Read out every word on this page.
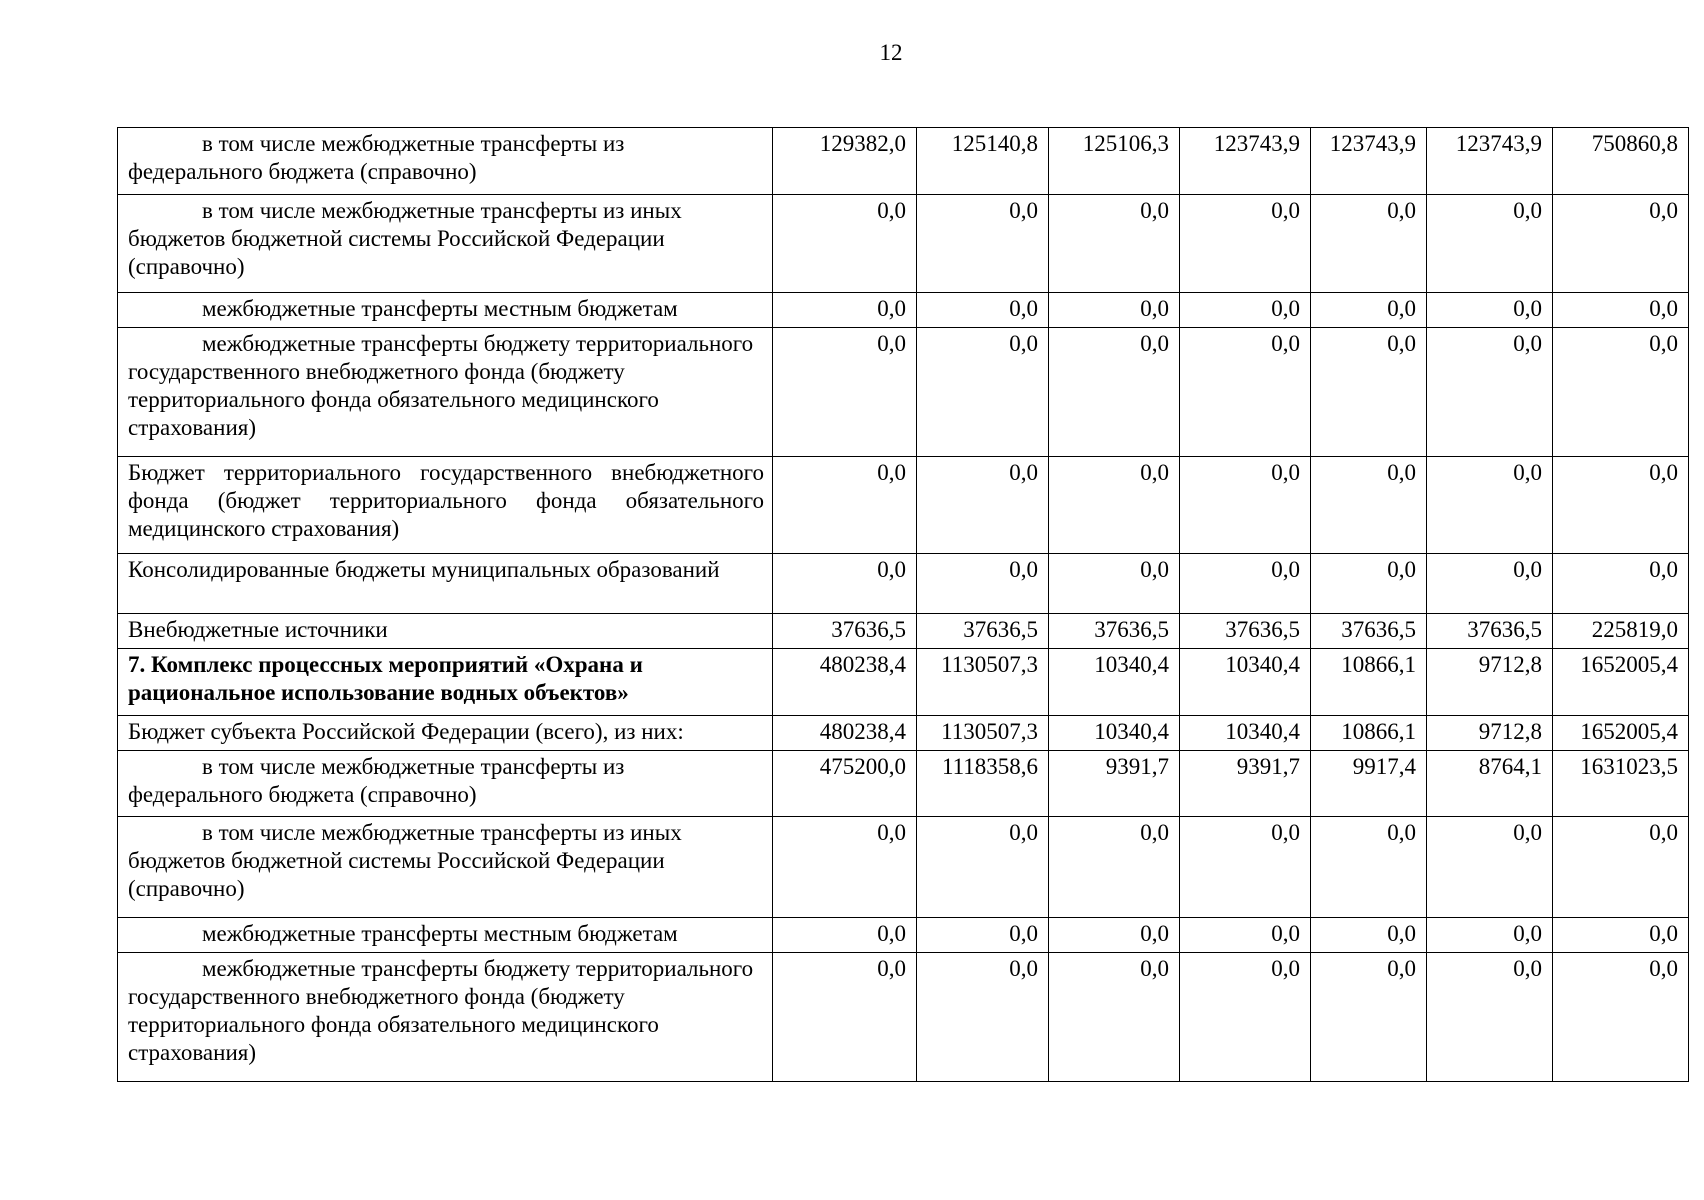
12
в том числе межбюджетные трансферты из федерального бюджета (справочно)	129382,0	125140,8	125106,3	123743,9	123743,9	123743,9	750860,8
в том числе межбюджетные трансферты из иных бюджетов бюджетной системы Российской Федерации (справочно)	0,0	0,0	0,0	0,0	0,0	0,0	0,0
межбюджетные трансферты местным бюджетам	0,0	0,0	0,0	0,0	0,0	0,0	0,0
межбюджетные трансферты бюджету территориального государственного внебюджетного фонда (бюджету территориального фонда обязательного медицинского страхования)	0,0	0,0	0,0	0,0	0,0	0,0	0,0
Бюджет территориального государственного внебюджетного фонда (бюджет территориального фонда обязательного медицинского страхования)	0,0	0,0	0,0	0,0	0,0	0,0	0,0
Консолидированные бюджеты муниципальных образований	0,0	0,0	0,0	0,0	0,0	0,0	0,0
Внебюджетные источники	37636,5	37636,5	37636,5	37636,5	37636,5	37636,5	225819,0
7. Комплекс процессных мероприятий «Охрана и рациональное использование водных объектов»	480238,4	1130507,3	10340,4	10340,4	10866,1	9712,8	1652005,4
Бюджет субъекта Российской Федерации (всего), из них:	480238,4	1130507,3	10340,4	10340,4	10866,1	9712,8	1652005,4
в том числе межбюджетные трансферты из федерального бюджета (справочно)	475200,0	1118358,6	9391,7	9391,7	9917,4	8764,1	1631023,5
в том числе межбюджетные трансферты из иных бюджетов бюджетной системы Российской Федерации (справочно)	0,0	0,0	0,0	0,0	0,0	0,0	0,0
межбюджетные трансферты местным бюджетам	0,0	0,0	0,0	0,0	0,0	0,0	0,0
межбюджетные трансферты бюджету территориального государственного внебюджетного фонда (бюджету территориального фонда обязательного медицинского страхования)	0,0	0,0	0,0	0,0	0,0	0,0	0,0
